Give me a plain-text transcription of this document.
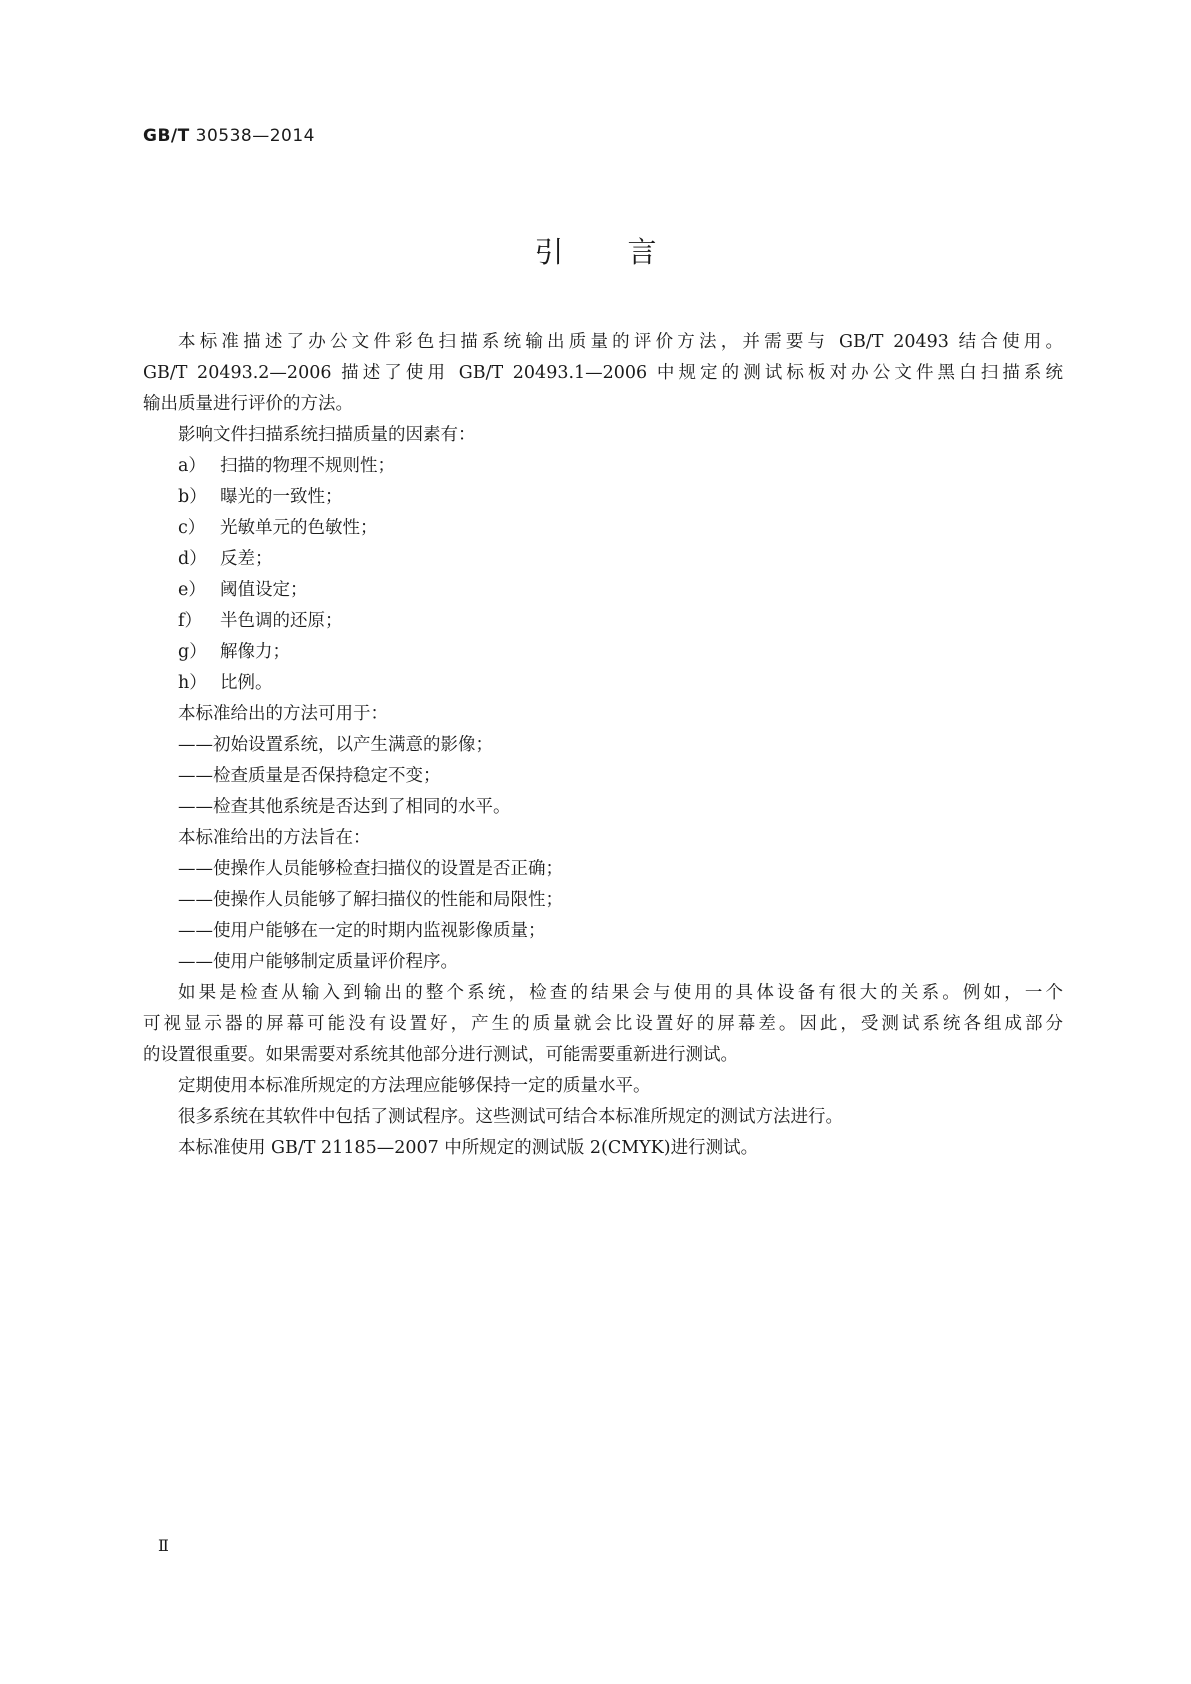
GB/T 30538—2014
引言

本标准描述了办公文件彩色扫描系统输出质量的评价方法，并需要与 GB/T 20493 结合使用。

GB/T 20493.2—2006 描述了使用 GB/T 20493.1—2006 中规定的测试标板对办公文件黑白扫描系统

输出质量进行评价的方法。

影响文件扫描系统扫描质量的因素有：

a） 扫描的物理不规则性；

b） 曝光的一致性；

c） 光敏单元的色敏性；

d） 反差；

e） 阈值设定；

f） 半色调的还原；

g） 解像力；

h） 比例。

本标准给出的方法可用于：

——初始设置系统，以产生满意的影像；

——检查质量是否保持稳定不变；

——检查其他系统是否达到了相同的水平。

本标准给出的方法旨在：

——使操作人员能够检查扫描仪的设置是否正确；

——使操作人员能够了解扫描仪的性能和局限性；

——使用户能够在一定的时期内监视影像质量；

——使用户能够制定质量评价程序。

如果是检查从输入到输出的整个系统，检查的结果会与使用的具体设备有很大的关系。例如，一个

可视显示器的屏幕可能没有设置好，产生的质量就会比设置好的屏幕差。因此，受测试系统各组成部分

的设置很重要。如果需要对系统其他部分进行测试，可能需要重新进行测试。

定期使用本标准所规定的方法理应能够保持一定的质量水平。

很多系统在其软件中包括了测试程序。这些测试可结合本标准所规定的测试方法进行。

本标准使用 GB/T 21185—2007 中所规定的测试版 2(CMYK)进行测试。

Ⅱ
